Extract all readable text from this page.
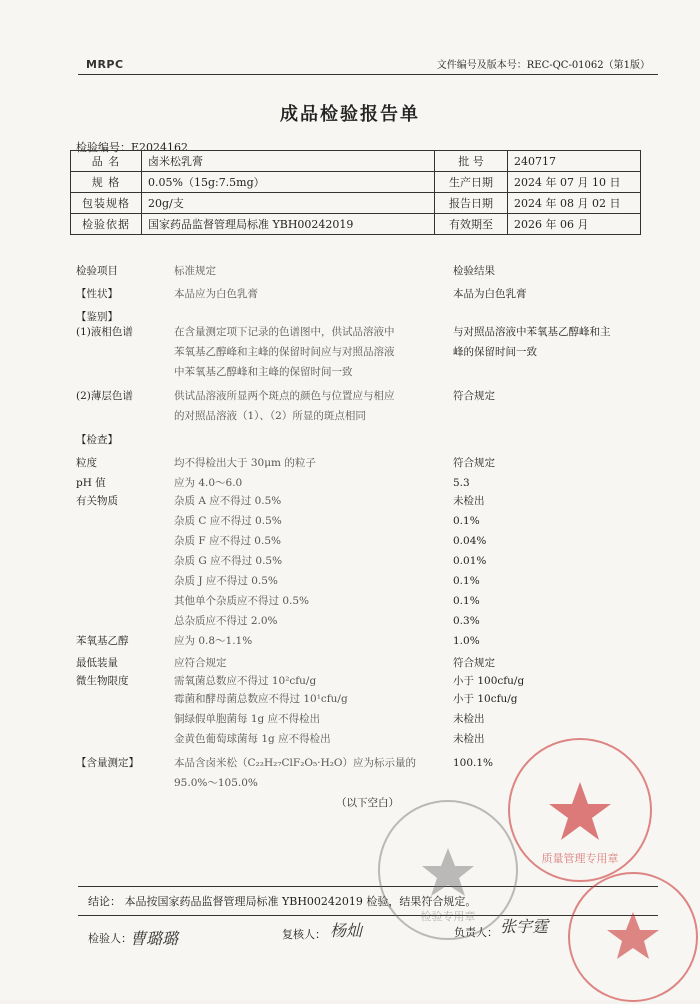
MRPC	文件编号及版本号：REC-QC-01062（第1版）
成品检验报告单
检验编号：E2024162
品 名	卤米松乳膏	批 号	240717
规 格	0.05%（15g:7.5mg）	生产日期	2024 年 07 月 10 日
包装规格	20g/支	报告日期	2024 年 08 月 02 日
检验依据	国家药品监督管理局标准 YBH00242019	有效期至	2026 年 06 月
检验项目	标准规定	检验结果
（以下空白）
结论： 本品按国家药品监督管理局标准 YBH00242019 检验，结果符合规定。
检验人：
曹璐璐	复核人： 杨灿	负责人： 张宇霆
质量管理专用章
检验专用章
【性状】	本品应为白色乳膏	本品为白色乳膏
【鉴别】
(1)液相色谱	在含量测定项下记录的色谱图中，供试品溶液中	与对照品溶液中苯氧基乙醇峰和主
苯氧基乙醇峰和主峰的保留时间应与对照品溶液	峰的保留时间一致
中苯氧基乙醇峰和主峰的保留时间一致
(2)薄层色谱	供试品溶液所显两个斑点的颜色与位置应与相应	符合规定
的对照品溶液（1）、（2）所显的斑点相同
【检查】
粒度	均不得检出大于 30μm 的粒子	符合规定
pH 值	应为 4.0～6.0	5.3
有关物质	杂质 A 应不得过 0.5%	未检出
杂质 C 应不得过 0.5%	0.1%
杂质 F 应不得过 0.5%	0.04%
杂质 G 应不得过 0.5%	0.01%
杂质 J 应不得过 0.5%	0.1%
其他单个杂质应不得过 0.5%	0.1%
总杂质应不得过 2.0%	0.3%
苯氧基乙醇	应为 0.8～1.1%	1.0%
最低装量	应符合规定	符合规定
微生物限度	需氧菌总数应不得过 10²cfu/g	小于 100cfu/g
霉菌和酵母菌总数应不得过 10¹cfu/g	小于 10cfu/g
铜绿假单胞菌每 1g 应不得检出	未检出
金黄色葡萄球菌每 1g 应不得检出	未检出
【含量测定】	本品含卤米松（C₂₂H₂₇ClF₂O₅·H₂O）应为标示量的	100.1%
95.0%～105.0%
